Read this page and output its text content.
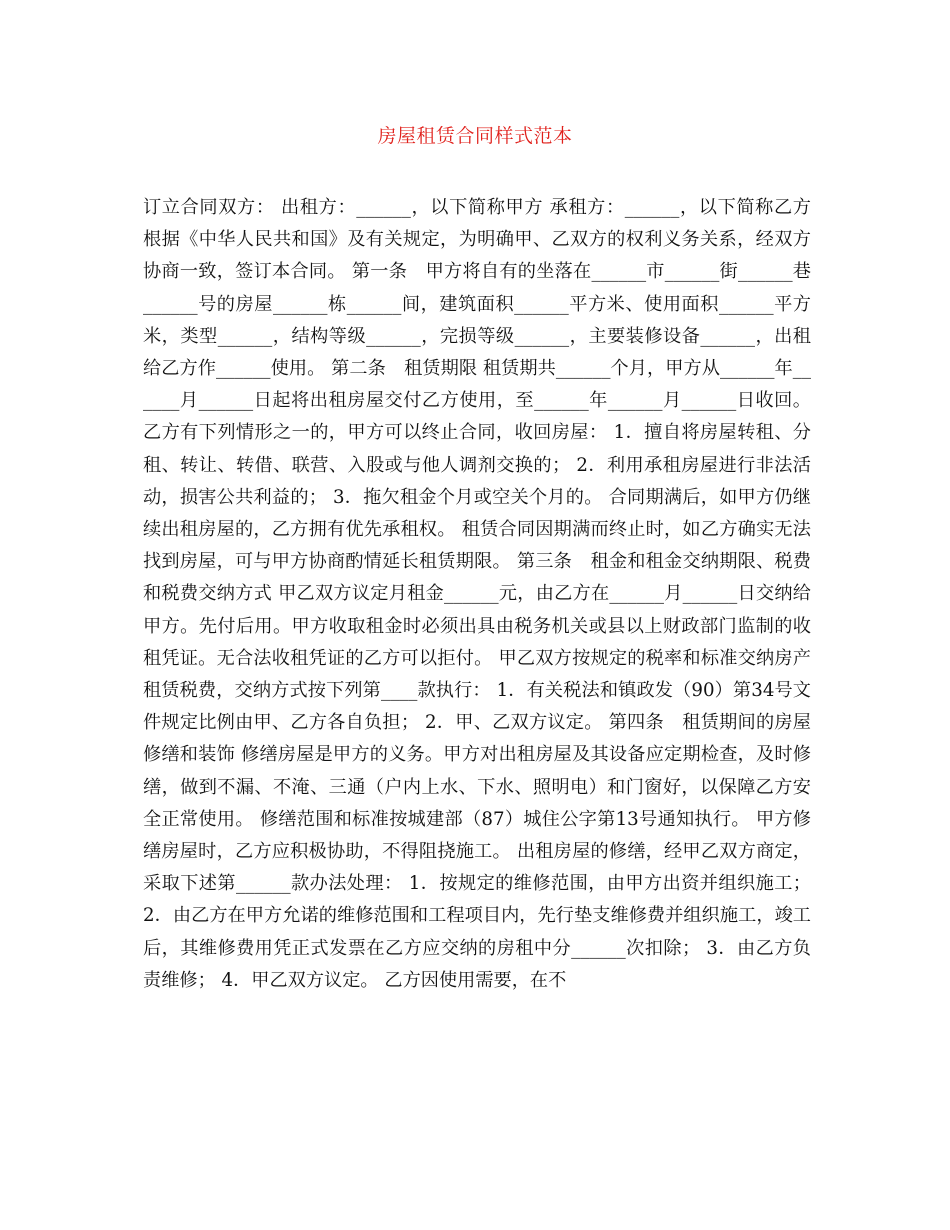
房屋租赁合同样式范本

订立合同双方： 出租方：______，以下简称甲方 承租方：______，以下简称乙方 根据《中华人民共和国》及有关规定，为明确甲、乙双方的权利义务关系，经双方协商一致，签订本合同。 第一条　甲方将自有的坐落在______市______街______巷______号的房屋______栋______间，建筑面积______平方米、使用面积______平方米，类型______，结构等级______，完损等级______，主要装修设备______，出租给乙方作______使用。 第二条　租赁期限 租赁期共______个月，甲方从______年______月______日起将出租房屋交付乙方使用，至______年______月______日收回。 乙方有下列情形之一的，甲方可以终止合同，收回房屋： 1．擅自将房屋转租、分租、转让、转借、联营、入股或与他人调剂交换的； 2．利用承租房屋进行非法活动，损害公共利益的； 3．拖欠租金个月或空关个月的。 合同期满后，如甲方仍继续出租房屋的，乙方拥有优先承租权。 租赁合同因期满而终止时，如乙方确实无法找到房屋，可与甲方协商酌情延长租赁期限。 第三条　租金和租金交纳期限、税费和税费交纳方式 甲乙双方议定月租金______元，由乙方在______月______日交纳给甲方。先付后用。甲方收取租金时必须出具由税务机关或县以上财政部门监制的收租凭证。无合法收租凭证的乙方可以拒付。 甲乙双方按规定的税率和标准交纳房产租赁税费，交纳方式按下列第____款执行： 1．有关税法和镇政发（90）第34号文件规定比例由甲、乙方各自负担； 2．甲、乙双方议定。 第四条　租赁期间的房屋修缮和装饰 修缮房屋是甲方的义务。甲方对出租房屋及其设备应定期检查，及时修缮，做到不漏、不淹、三通（户内上水、下水、照明电）和门窗好，以保障乙方安全正常使用。 修缮范围和标准按城建部（87）城住公字第13号通知执行。 甲方修缮房屋时，乙方应积极协助，不得阻挠施工。 出租房屋的修缮，经甲乙双方商定，采取下述第______款办法处理： 1．按规定的维修范围，由甲方出资并组织施工； 2．由乙方在甲方允诺的维修范围和工程项目内，先行垫支维修费并组织施工，竣工后，其维修费用凭正式发票在乙方应交纳的房租中分______次扣除； 3．由乙方负责维修； 4．甲乙双方议定。 乙方因使用需要，在不
